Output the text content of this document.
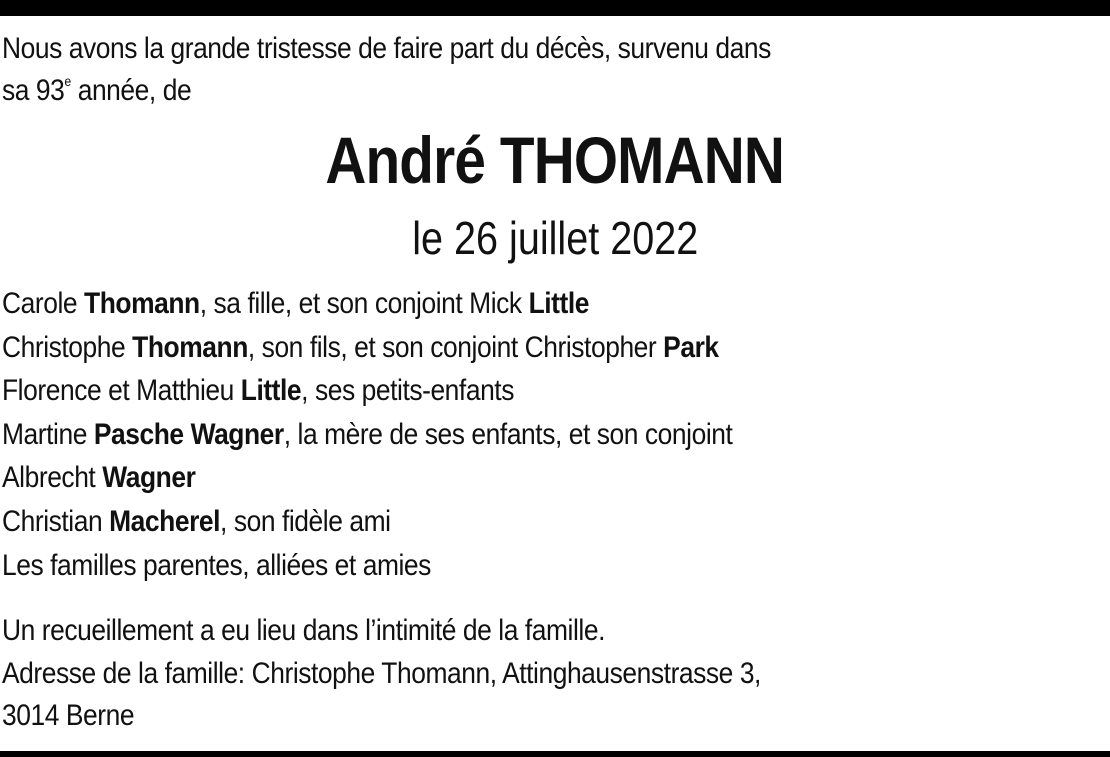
Nous avons la grande tristesse de faire part du décès, survenu dans
sa 93e année, de
André THOMANN
le 26 juillet 2022
Carole Thomann, sa fille, et son conjoint Mick Little
Christophe Thomann, son fils, et son conjoint Christopher Park
Florence et Matthieu Little, ses petits-enfants
Martine Pasche Wagner, la mère de ses enfants, et son conjoint
Albrecht Wagner
Christian Macherel, son fidèle ami
Les familles parentes, alliées et amies
Un recueillement a eu lieu dans l’intimité de la famille.
Adresse de la famille: Christophe Thomann, Attinghausenstrasse 3,
3014 Berne
